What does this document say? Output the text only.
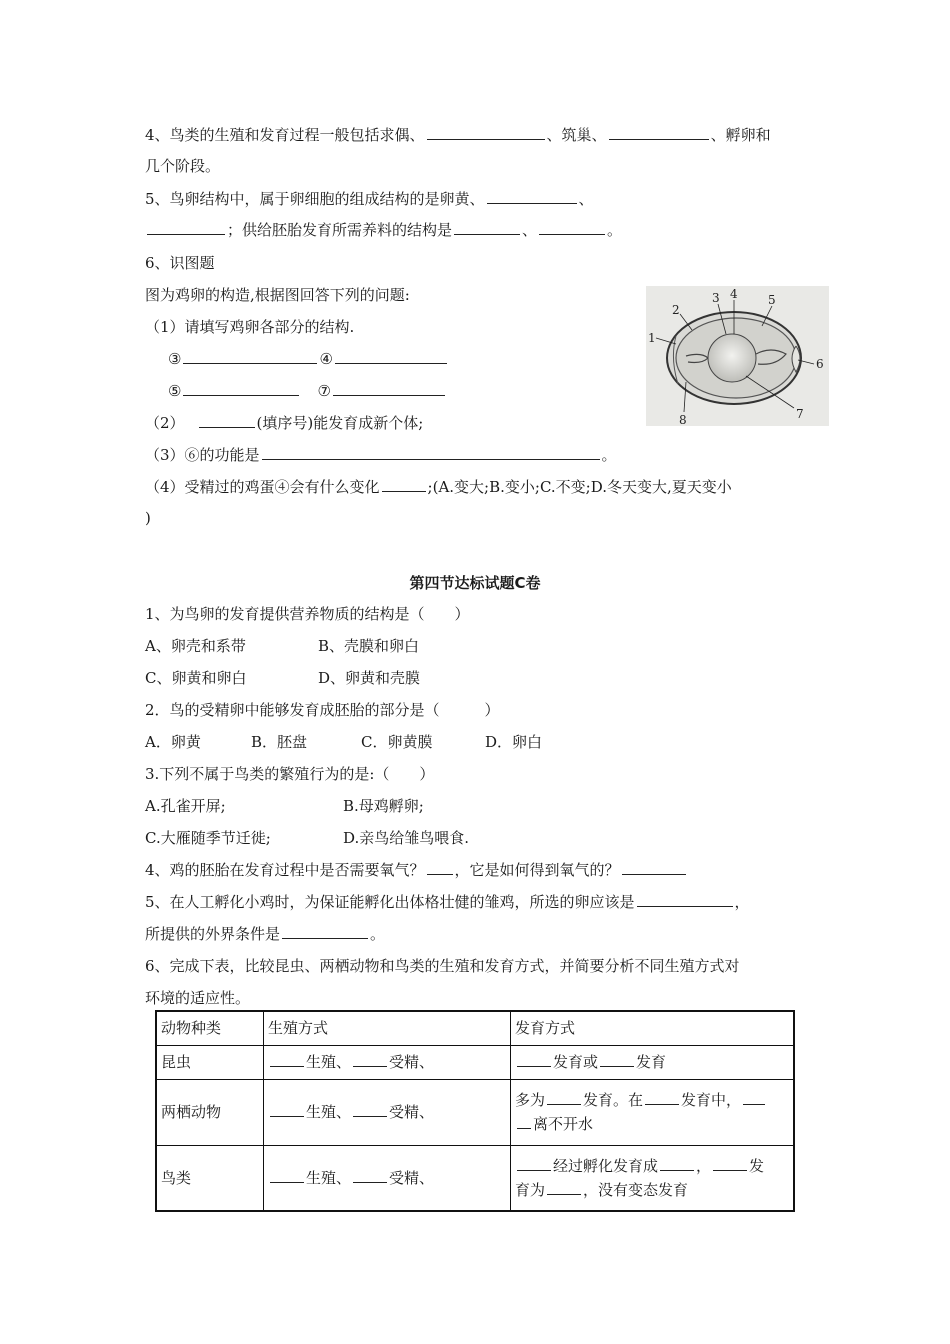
4、鸟类的生殖和发育过程一般包括求偶、	、筑巢、	、孵卵和
几个阶段。
5、鸟卵结构中，属于卵细胞的组成结构的是卵黄、	、
；供给胚胎发育所需养料的结构是	、	。
6、识图题
图为鸡卵的构造,根据图回答下列的问题:
（1）请填写鸡卵各部分的结构.
③	④
⑤	⑦
（2）	(填序号)能发育成新个体;
（3）⑥的功能是	。
（4）受精过的鸡蛋④会有什么变化	;(A.变大;B.变小;C.不变;D.冬天变大,夏天变小
)
1
2
3 4	5
6
7
8
第四节达标试题C卷
1、为鸟卵的发育提供营养物质的结构是（　　）
A、卵壳和系带	B、壳膜和卵白
C、卵黄和卵白	D、卵黄和壳膜
2．鸟的受精卵中能够发育成胚胎的部分是（　　　）
A．卵黄	B．胚盘	C．卵黄膜	D．卵白
3.下列不属于鸟类的繁殖行为的是:（　　）
A.孔雀开屏;	B.母鸡孵卵;
C.大雁随季节迁徙;	D.亲鸟给雏鸟喂食.
4、鸡的胚胎在发育过程中是否需要氧气？ ，它是如何得到氧气的？
5、在人工孵化小鸡时，为保证能孵化出体格壮健的雏鸡，所选的卵应该是	，
所提供的外界条件是	。
6、完成下表，比较昆虫、两栖动物和鸟类的生殖和发育方式，并简要分析不同生殖方式对
环境的适应性。
动物种类	生殖方式	发育方式
昆虫	生殖、 受精、	发育或 发育
两栖动物	生殖、 受精、	多为 发育。在 发育中，
离不开水
鸟类	生殖、 受精、	经过孵化发育成 ， 发
育为 ，没有变态发育
